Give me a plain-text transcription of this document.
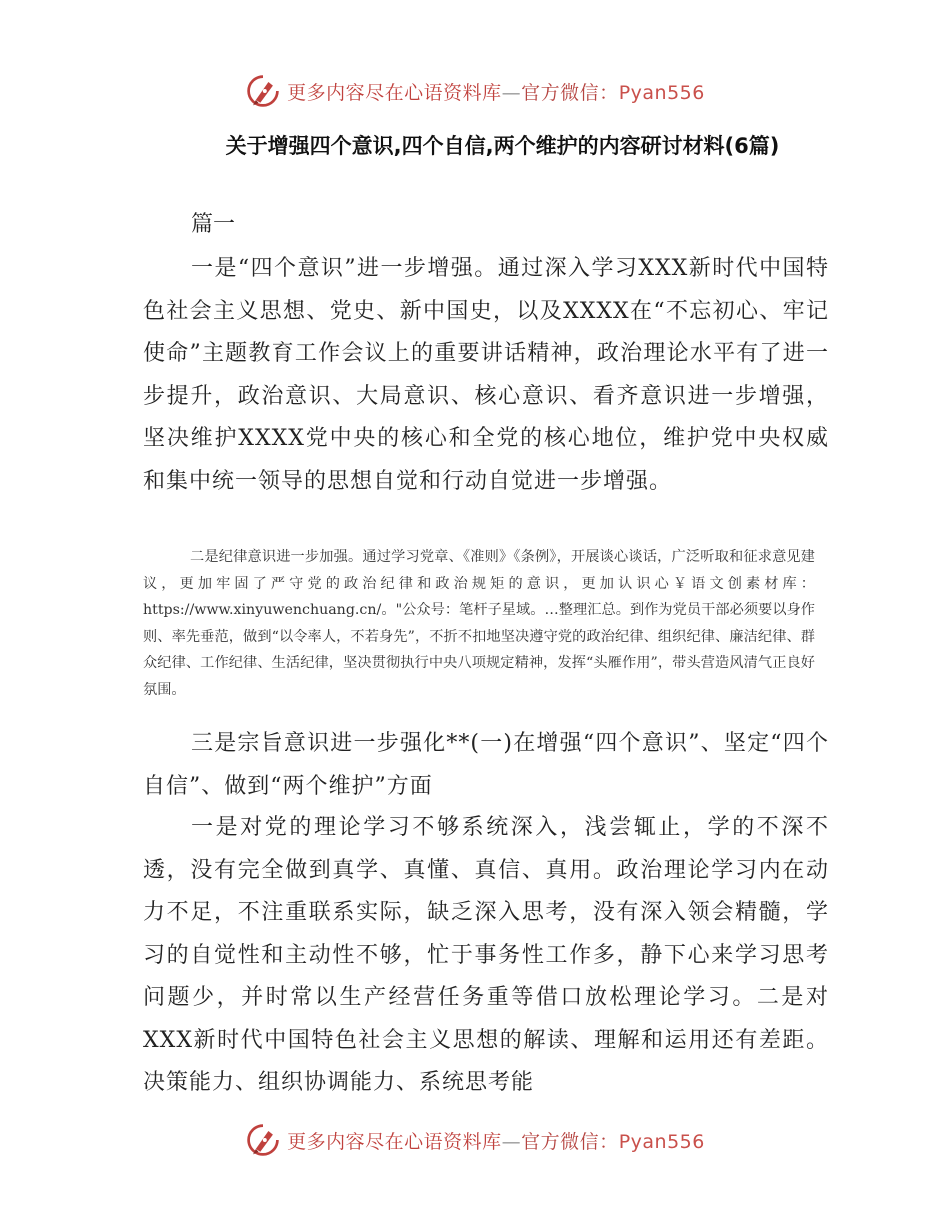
更多内容尽在心语资料库—官方微信：Pyan556
关于增强四个意识,四个自信,两个维护的内容研讨材料(6篇)

篇一

一是“四个意识”进一步增强。通过深入学习XXX新时代中国特色社会主义思想、党史、新中国史，以及XXXX在“不忘初心、牢记使命”主题教育工作会议上的重要讲话精神，政治理论水平有了进一步提升，政治意识、大局意识、核心意识、看齐意识进一步增强，坚决维护XXXX党中央的核心和全党的核心地位，维护党中央权威和集中统一领导的思想自觉和行动自觉进一步增强。

二是纪律意识进一步加强。通过学习党章、《准则》《条例》，开展谈心谈话，广泛听取和征求意见建议，更加牢固了严守党的政治纪律和政治规矩的意识，更加认识心￥语文创素材库：https://www.xinyuwenchuang.cn/。"公众号：笔杆子星域。…整理汇总。到作为党员干部必须要以身作则、率先垂范，做到“以令率人，不若身先”，不折不扣地坚决遵守党的政治纪律、组织纪律、廉洁纪律、群众纪律、工作纪律、生活纪律，坚决贯彻执行中央八项规定精神，发挥“头雁作用”，带头营造风清气正良好氛围。

三是宗旨意识进一步强化**(一)在增强“四个意识”、坚定“四个自信”、做到“两个维护”方面

一是对党的理论学习不够系统深入，浅尝辄止，学的不深不透，没有完全做到真学、真懂、真信、真用。政治理论学习内在动力不足，不注重联系实际，缺乏深入思考，没有深入领会精髓，学习的自觉性和主动性不够，忙于事务性工作多，静下心来学习思考问题少，并时常以生产经营任务重等借口放松理论学习。二是对XXX新时代中国特色社会主义思想的解读、理解和运用还有差距。决策能力、组织协调能力、系统思考能

更多内容尽在心语资料库—官方微信：Pyan556
